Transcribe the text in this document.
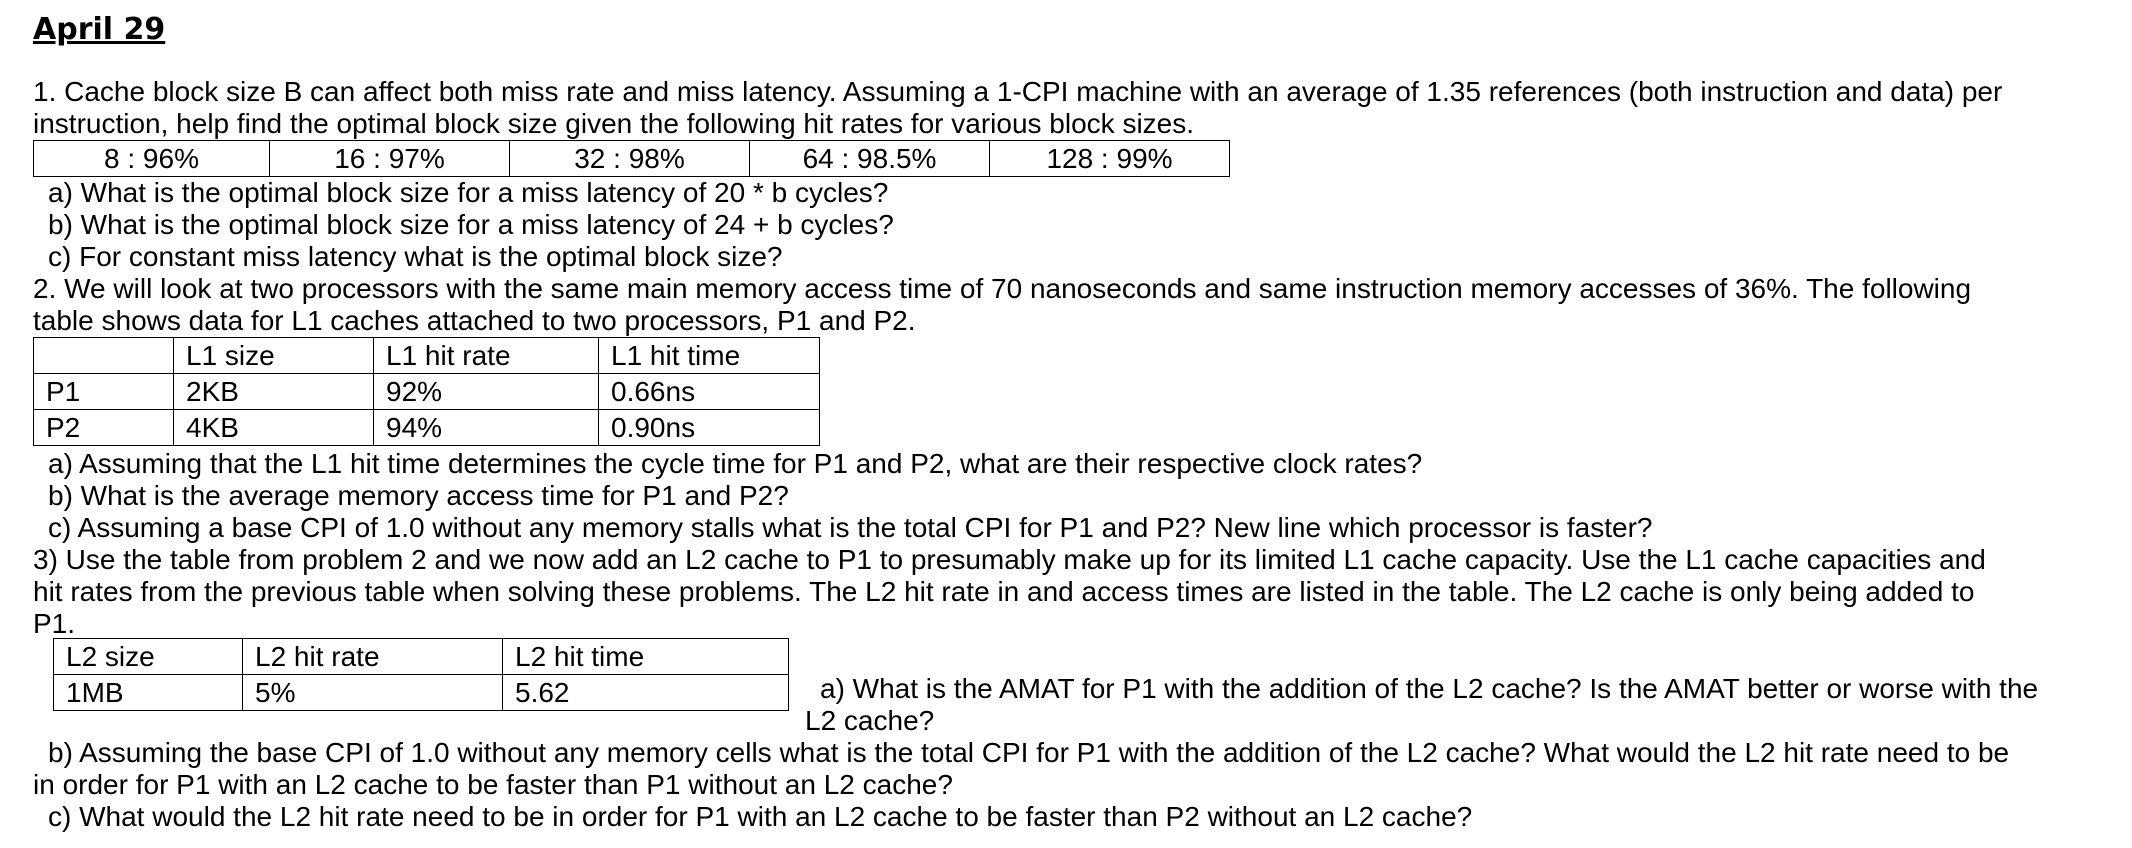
April 29
1. Cache block size B can affect both miss rate and miss latency. Assuming a 1-CPI machine with an average of 1.35 references (both instruction and data) per
instruction, help find the optimal block size given the following hit rates for various block sizes.
8 : 96%	16 : 97%	32 : 98%	64 : 98.5%	128 : 99%
a) What is the optimal block size for a miss latency of 20 * b cycles?
b) What is the optimal block size for a miss latency of 24 + b cycles?
c) For constant miss latency what is the optimal block size?
2. We will look at two processors with the same main memory access time of 70 nanoseconds and same instruction memory accesses of 36%. The following
table shows data for L1 caches attached to two processors, P1 and P2.
	L1 size	L1 hit rate	L1 hit time
P1	2KB	92%	0.66ns
P2	4KB	94%	0.90ns
a) Assuming that the L1 hit time determines the cycle time for P1 and P2, what are their respective clock rates?
b) What is the average memory access time for P1 and P2?
c) Assuming a base CPI of 1.0 without any memory stalls what is the total CPI for P1 and P2? New line which processor is faster?
3) Use the table from problem 2 and we now add an L2 cache to P1 to presumably make up for its limited L1 cache capacity. Use the L1 cache capacities and
hit rates from the previous table when solving these problems. The L2 hit rate in and access times are listed in the table. The L2 cache is only being added to
P1.
L2 size	L2 hit rate	L2 hit time
1MB	5%	5.62	a) What is the AMAT for P1 with the addition of the L2 cache? Is the AMAT better or worse with the
L2 cache?
b) Assuming the base CPI of 1.0 without any memory cells what is the total CPI for P1 with the addition of the L2 cache? What would the L2 hit rate need to be
in order for P1 with an L2 cache to be faster than P1 without an L2 cache?
c) What would the L2 hit rate need to be in order for P1 with an L2 cache to be faster than P2 without an L2 cache?
